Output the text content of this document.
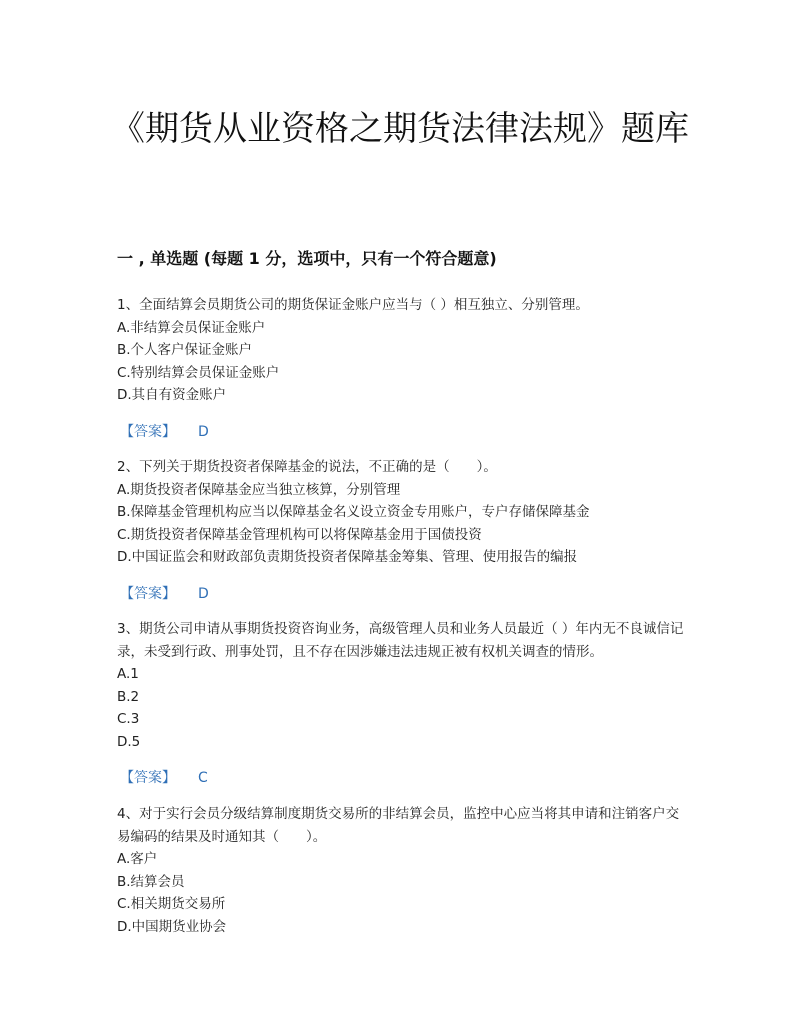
《期货从业资格之期货法律法规》题库
一 , 单选题 (每题 1 分，选项中，只有一个符合题意)
1、全面结算会员期货公司的期货保证金账户应当与（ ）相互独立、分别管理。
A.非结算会员保证金账户
B.个人客户保证金账户
C.特别结算会员保证金账户
D.其自有资金账户
【答案】 D
2、下列关于期货投资者保障基金的说法，不正确的是（　　）。
A.期货投资者保障基金应当独立核算，分别管理
B.保障基金管理机构应当以保障基金名义设立资金专用账户，专户存储保障基金
C.期货投资者保障基金管理机构可以将保障基金用于国债投资
D.中国证监会和财政部负责期货投资者保障基金筹集、管理、使用报告的编报
【答案】 D
3、期货公司申请从事期货投资咨询业务，高级管理人员和业务人员最近（ ）年内无不良诚信记录，未受到行政、刑事处罚，且不存在因涉嫌违法违规正被有权机关调查的情形。
A.1
B.2
C.3
D.5
【答案】 C
4、对于实行会员分级结算制度期货交易所的非结算会员，监控中心应当将其申请和注销客户交易编码的结果及时通知其（　　）。
A.客户
B.结算会员
C.相关期货交易所
D.中国期货业协会
